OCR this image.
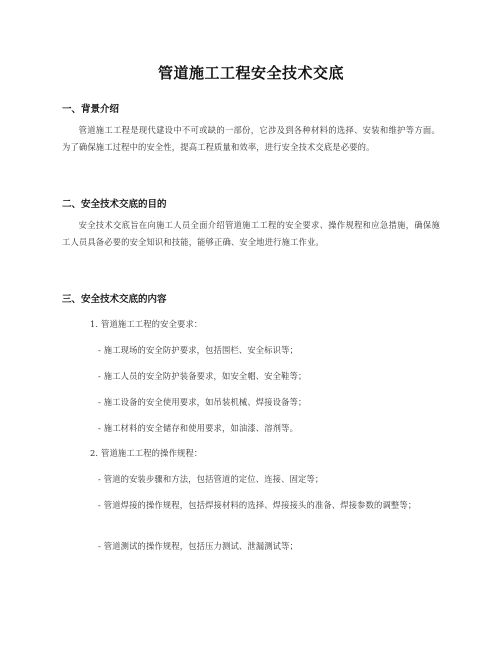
管道施工工程安全技术交底
一、背景介绍
管道施工工程是现代建设中不可或缺的一部份，它涉及到各种材料的选择、安装和维护等方面。为了确保施工过程中的安全性，提高工程质量和效率，进行安全技术交底是必要的。
二、安全技术交底的目的
安全技术交底旨在向施工人员全面介绍管道施工工程的安全要求、操作规程和应急措施，确保施工人员具备必要的安全知识和技能，能够正确、安全地进行施工作业。
三、安全技术交底的内容
1. 管道施工工程的安全要求：
- 施工现场的安全防护要求，包括围栏、安全标识等；
- 施工人员的安全防护装备要求，如安全帽、安全鞋等；
- 施工设备的安全使用要求，如吊装机械、焊接设备等；
- 施工材料的安全储存和使用要求，如油漆、溶剂等。
2. 管道施工工程的操作规程：
- 管道的安装步骤和方法，包括管道的定位、连接、固定等；
- 管道焊接的操作规程，包括焊接材料的选择、焊接接头的准备、焊接参数的调整等；
- 管道测试的操作规程，包括压力测试、泄漏测试等；
